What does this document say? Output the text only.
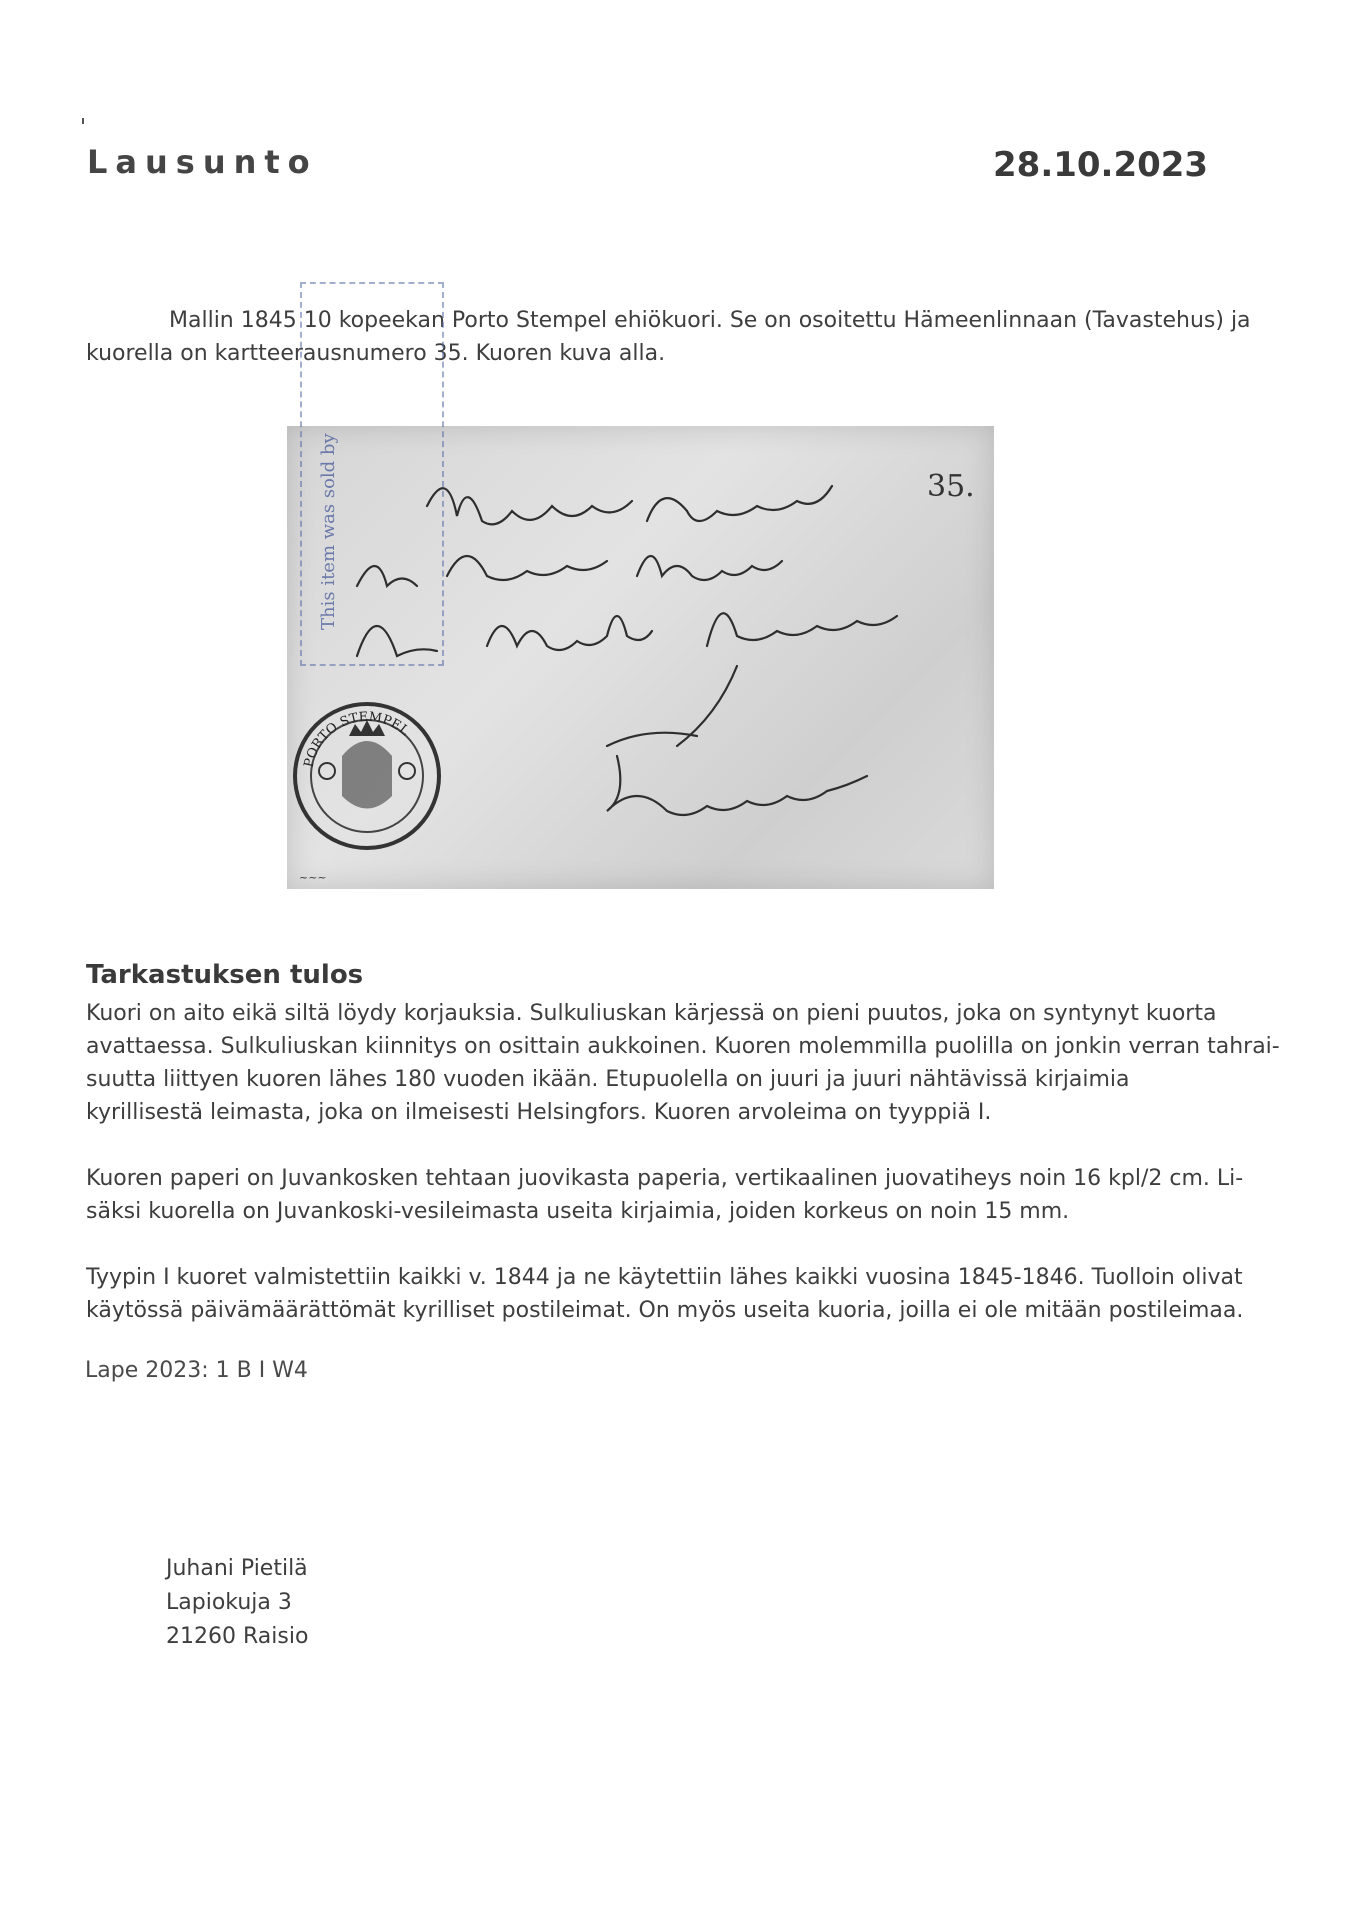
Lausunto	28.10.2023
Mallin 1845 10 kopeekan Porto Stempel ehiökuori. Se on osoitettu Hämeenlinnaan (Tavastehus) ja
kuorella on kartteerausnumero 35. Kuoren kuva alla.
PORTO STEMPEL
35.
~~~
This item was sold by
Tarkastuksen tulos
Kuori on aito eikä siltä löydy korjauksia. Sulkuliuskan kärjessä on pieni puutos, joka on syntynyt kuorta
avattaessa. Sulkuliuskan kiinnitys on osittain aukkoinen. Kuoren molemmilla puolilla on jonkin verran tahrai-
suutta liittyen kuoren lähes 180 vuoden ikään. Etupuolella on juuri ja juuri nähtävissä kirjaimia
kyrillisestä leimasta, joka on ilmeisesti Helsingfors. Kuoren arvoleima on tyyppiä I.
Kuoren paperi on Juvankosken tehtaan juovikasta paperia, vertikaalinen juovatiheys noin 16 kpl/2 cm. Li-
säksi kuorella on Juvankoski-vesileimasta useita kirjaimia, joiden korkeus on noin 15 mm.
Tyypin I kuoret valmistettiin kaikki v. 1844 ja ne käytettiin lähes kaikki vuosina 1845-1846. Tuolloin olivat
käytössä päivämäärättömät kyrilliset postileimat. On myös useita kuoria, joilla ei ole mitään postileimaa.
Lape 2023: 1 B I W4
Juhani Pietilä
Lapiokuja 3
21260 Raisio
